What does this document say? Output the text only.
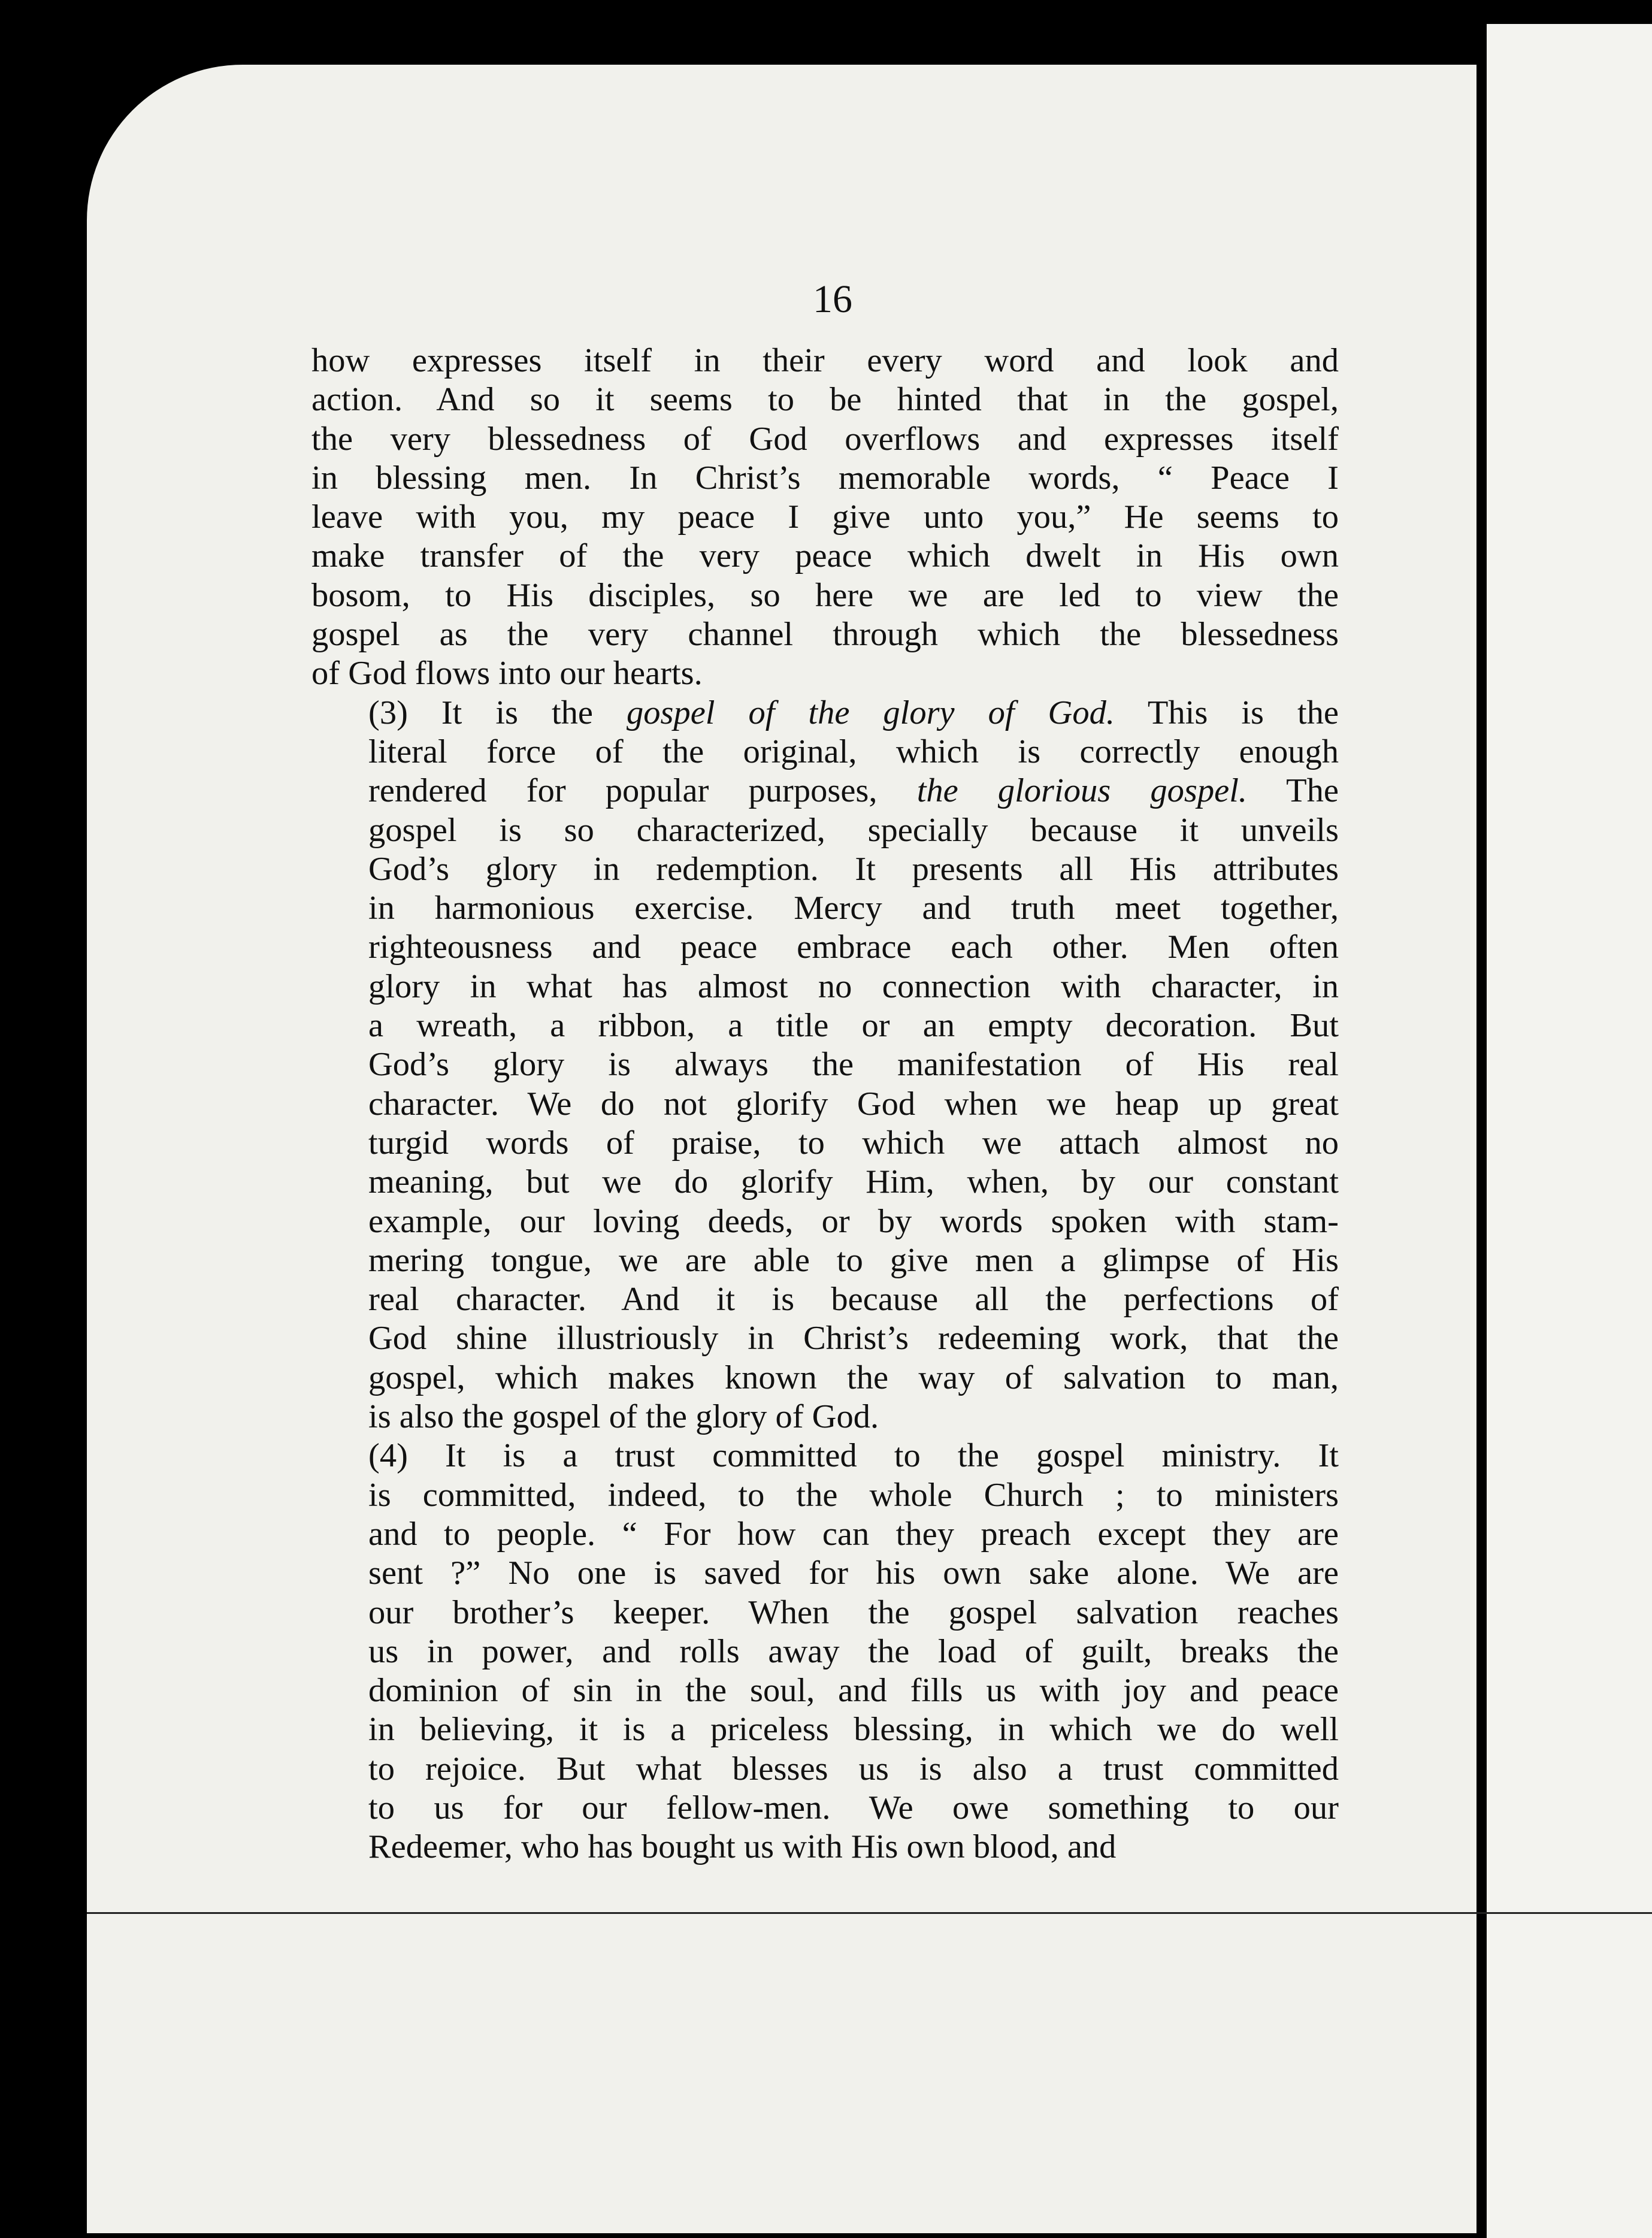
16
how expresses itself in their every word and look and
action. And so it seems to be hinted that in the gospel,
the very blessedness of God overflows and expresses itself
in blessing men. In Christ’s memorable words, “ Peace I
leave with you, my peace I give unto you,” He seems to
make transfer of the very peace which dwelt in His own
bosom, to His disciples, so here we are led to view the
gospel as the very channel through which the blessedness
of God flows into our hearts.
(3) It is the gospel of the glory of God. This is the
literal force of the original, which is correctly enough
rendered for popular purposes, the glorious gospel. The
gospel is so characterized, specially because it unveils
God’s glory in redemption. It presents all His attributes
in harmonious exercise. Mercy and truth meet together,
righteousness and peace embrace each other. Men often
glory in what has almost no connection with character, in
a wreath, a ribbon, a title or an empty decoration. But
God’s glory is always the manifestation of His real
character. We do not glorify God when we heap up great
turgid words of praise, to which we attach almost no
meaning, but we do glorify Him, when, by our constant
example, our loving deeds, or by words spoken with stam-
mering tongue, we are able to give men a glimpse of His
real character. And it is because all the perfections of
God shine illustriously in Christ’s redeeming work, that the
gospel, which makes known the way of salvation to man,
is also the gospel of the glory of God.
(4) It is a trust committed to the gospel ministry. It
is committed, indeed, to the whole Church ; to ministers
and to people. “ For how can they preach except they are
sent ?” No one is saved for his own sake alone. We are
our brother’s keeper. When the gospel salvation reaches
us in power, and rolls away the load of guilt, breaks the
dominion of sin in the soul, and fills us with joy and peace
in believing, it is a priceless blessing, in which we do well
to rejoice. But what blesses us is also a trust committed
to us for our fellow-men. We owe something to our
Redeemer, who has bought us with His own blood, and
